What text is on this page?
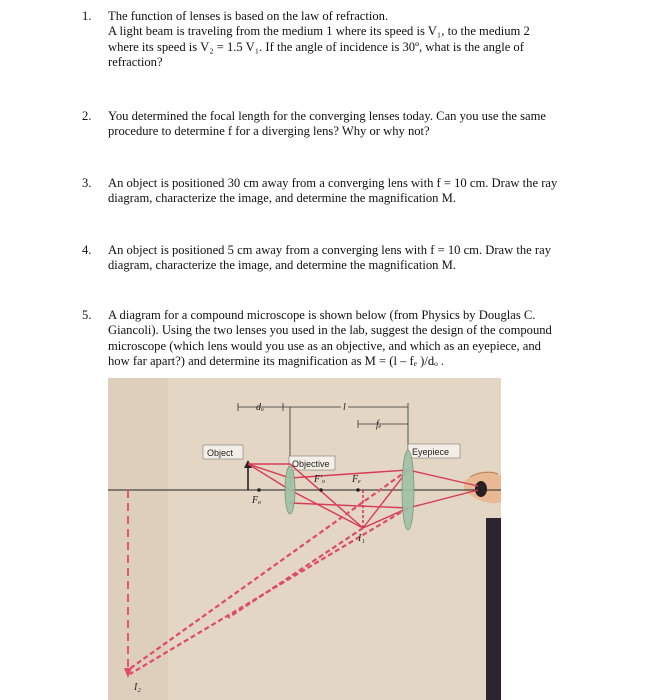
1. The function of lenses is based on the law of refraction.
A light beam is traveling from the medium 1 where its speed is V₁, to the medium 2
where its speed is V₂ = 1.5 V₁. If the angle of incidence is 30º, what is the angle of
refraction?
2. You determined the focal length for the converging lenses today. Can you use the same
procedure to determine f for a diverging lens? Why or why not?
3. An object is positioned 30 cm away from a converging lens with f = 10 cm. Draw the ray
diagram, characterize the image, and determine the magnification M.
4. An object is positioned 5 cm away from a converging lens with f = 10 cm. Draw the ray
diagram, characterize the image, and determine the magnification M.
5. A diagram for a compound microscope is shown below (from Physics by Douglas C.
Giancoli). Using the two lenses you used in the lab, suggest the design of the compound
microscope (which lens would you use as an objective, and which as an eyepiece, and
how far apart?) and determine its magnification as M = (l – fₑ )/dₒ .
Object
Objective
Eyepiece
dₒ	l
fₑ
Fₒ
F′ₒ	Fₑ
I₁
I₂
